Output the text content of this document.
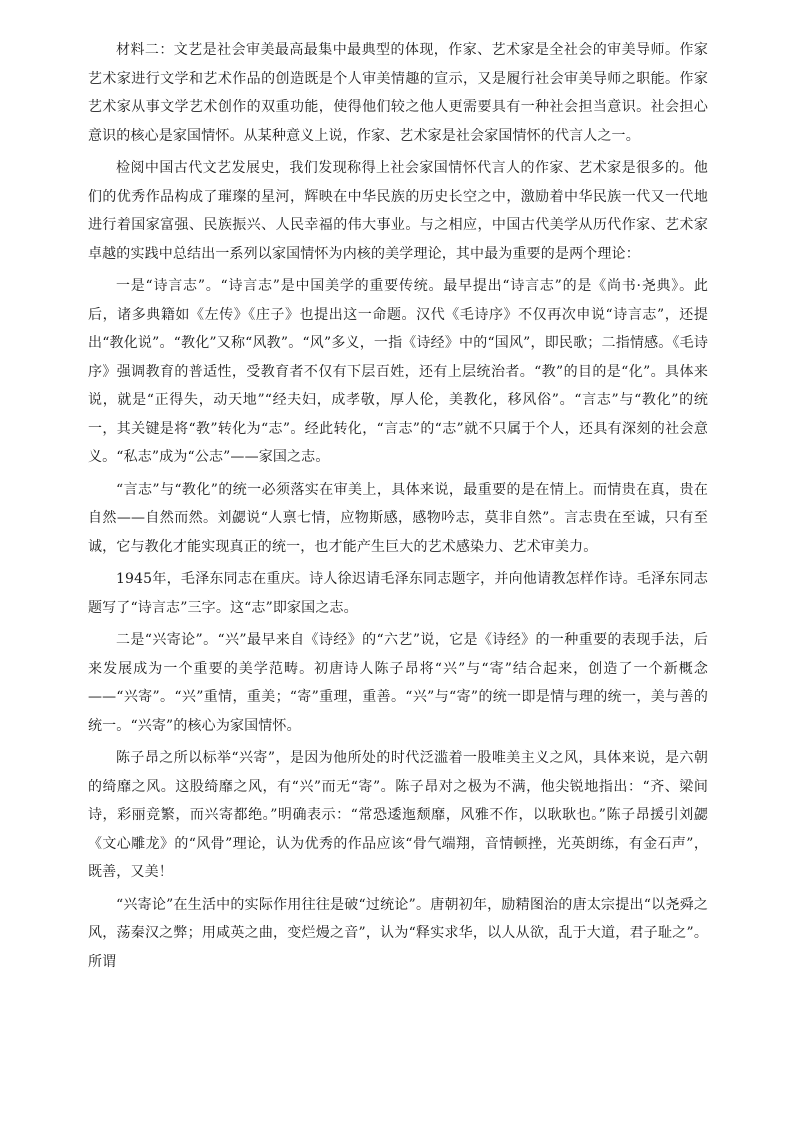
材料二：文艺是社会审美最高最集中最典型的体现，作家、艺术家是全社会的审美导师。作家艺术家进行文学和艺术作品的创造既是个人审美情趣的宣示，又是履行社会审美导师之职能。作家艺术家从事文学艺术创作的双重功能，使得他们较之他人更需要具有一种社会担当意识。社会担心意识的核心是家国情怀。从某种意义上说，作家、艺术家是社会家国情怀的代言人之一。

检阅中国古代文艺发展史，我们发现称得上社会家国情怀代言人的作家、艺术家是很多的。他们的优秀作品构成了璀璨的星河，辉映在中华民族的历史长空之中，激励着中华民族一代又一代地进行着国家富强、民族振兴、人民幸福的伟大事业。与之相应，中国古代美学从历代作家、艺术家卓越的实践中总结出一系列以家国情怀为内核的美学理论，其中最为重要的是两个理论：

一是“诗言志”。“诗言志”是中国美学的重要传统。最早提出“诗言志”的是《尚书·尧典》。此后，诸多典籍如《左传》《庄子》也提出这一命题。汉代《毛诗序》不仅再次申说“诗言志”，还提出“教化说”。“教化”又称“风教”。“风”多义，一指《诗经》中的“国风”，即民歌；二指情感。《毛诗序》强调教育的普适性，受教育者不仅有下层百姓，还有上层统治者。“教”的目的是“化”。具体来说，就是“正得失，动天地”“经夫妇，成孝敬，厚人伦，美教化，移风俗”。“言志”与“教化”的统一，其关键是将“教”转化为“志”。经此转化，“言志”的“志”就不只属于个人，还具有深刻的社会意义。“私志”成为“公志”——家国之志。

“言志”与“教化”的统一必须落实在审美上，具体来说，最重要的是在情上。而情贵在真，贵在自然——自然而然。刘勰说“人禀七情，应物斯感，感物吟志，莫非自然”。言志贵在至诚，只有至诚，它与教化才能实现真正的统一，也才能产生巨大的艺术感染力、艺术审美力。

1945年，毛泽东同志在重庆。诗人徐迟请毛泽东同志题字，并向他请教怎样作诗。毛泽东同志题写了“诗言志”三字。这“志”即家国之志。

二是“兴寄论”。“兴”最早来自《诗经》的“六艺”说，它是《诗经》的一种重要的表现手法，后来发展成为一个重要的美学范畴。初唐诗人陈子昂将“兴”与“寄”结合起来，创造了一个新概念——“兴寄”。“兴”重情，重美；“寄”重理，重善。“兴”与“寄”的统一即是情与理的统一，美与善的统一。“兴寄”的核心为家国情怀。

陈子昂之所以标举“兴寄”，是因为他所处的时代泛滥着一股唯美主义之风，具体来说，是六朝的绮靡之风。这股绮靡之风，有“兴”而无“寄”。陈子昂对之极为不满，他尖锐地指出：“齐、梁间诗，彩丽竞繁，而兴寄都绝。”明确表示：“常恐逶迤颓靡，风雅不作，以耿耿也。”陈子昂援引刘勰《文心雕龙》的“风骨”理论，认为优秀的作品应该“骨气端翔，音情顿挫，光英朗练，有金石声”，既善，又美！

“兴寄论”在生活中的实际作用往往是破“过统论”。唐朝初年，励精图治的唐太宗提出“以尧舜之风，荡秦汉之弊；用咸英之曲，变烂熳之音”，认为“释实求华，以人从欲，乱于大道，君子耻之”。所谓
